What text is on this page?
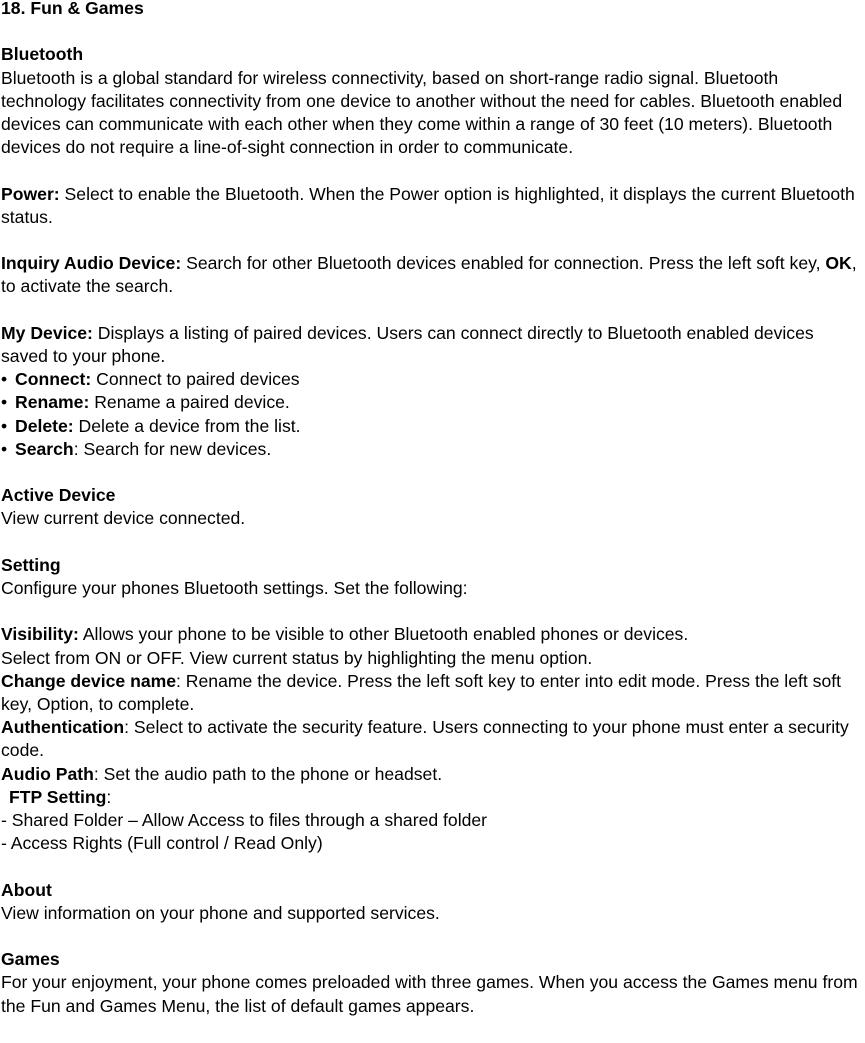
18. Fun & Games

Bluetooth

Bluetooth is a global standard for wireless connectivity, based on short-range radio signal. Bluetooth technology facilitates connectivity from one device to another without the need for cables. Bluetooth enabled devices can communicate with each other when they come within a range of 30 feet (10 meters). Bluetooth devices do not require a line-of-sight connection in order to communicate.

Power: Select to enable the Bluetooth. When the Power option is highlighted, it displays the current Bluetooth status.

Inquiry Audio Device: Search for other Bluetooth devices enabled for connection. Press the left soft key, OK, to activate the search.

My Device: Displays a listing of paired devices. Users can connect directly to Bluetooth enabled devices saved to your phone.

• Connect: Connect to paired devices

• Rename: Rename a paired device.

• Delete: Delete a device from the list.

• Search: Search for new devices.

Active Device

View current device connected.

Setting

Configure your phones Bluetooth settings. Set the following:

Visibility: Allows your phone to be visible to other Bluetooth enabled phones or devices.

Select from ON or OFF. View current status by highlighting the menu option.

Change device name: Rename the device. Press the left soft key to enter into edit mode. Press the left soft key, Option, to complete.

Authentication: Select to activate the security feature. Users connecting to your phone must enter a security code.

Audio Path: Set the audio path to the phone or headset.

FTP Setting:

- Shared Folder – Allow Access to files through a shared folder

- Access Rights (Full control / Read Only)

About

View information on your phone and supported services.

Games

For your enjoyment, your phone comes preloaded with three games. When you access the Games menu from the Fun and Games Menu, the list of default games appears.
